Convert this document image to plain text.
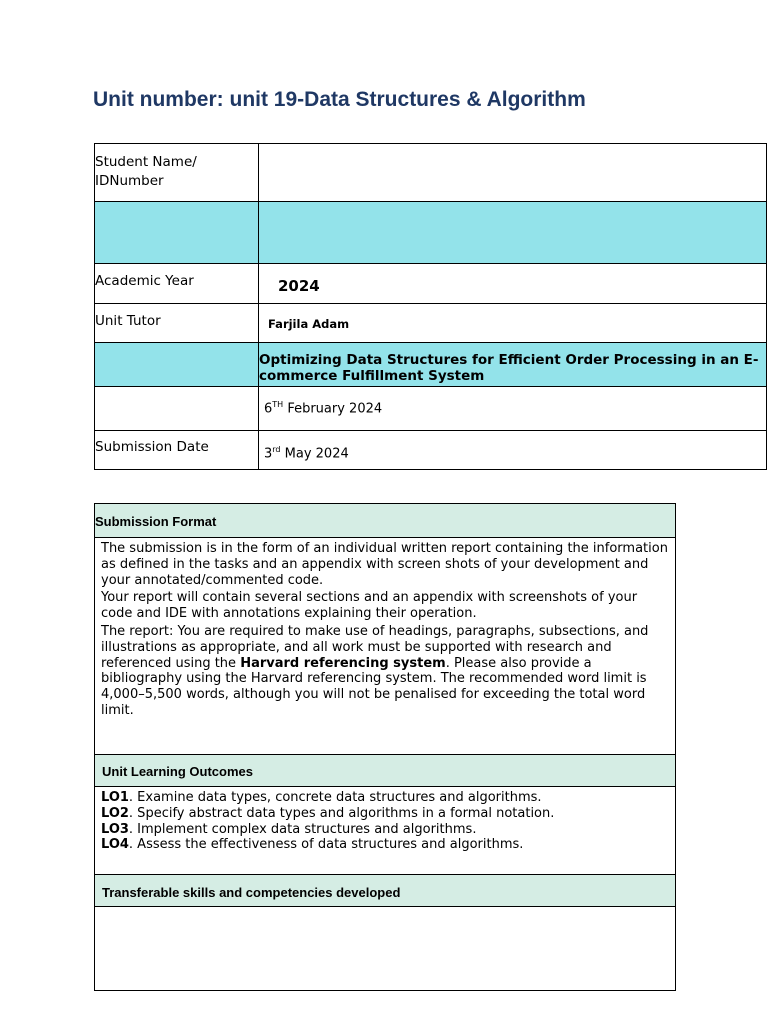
Unit number: unit 19-Data Structures & Algorithm
Student Name/ IDNumber	

Academic Year	2024

Unit Tutor	Farjila Adam

	Optimizing Data Structures for Efficient Order Processing in an E-commerce Fulfillment System

	6TH February 2024

Submission Date	3rd May 2024
Submission Format

The submission is in the form of an individual written report containing the information as defined in the tasks and an appendix with screen shots of your development and your annotated/commented code.

Your report will contain several sections and an appendix with screenshots of your code and IDE with annotations explaining their operation.

The report: You are required to make use of headings, paragraphs, subsections, and illustrations as appropriate, and all work must be supported with research and referenced using the Harvard referencing system. Please also provide a bibliography using the Harvard referencing system. The recommended word limit is 4,000–5,500 words, although you will not be penalised for exceeding the total word limit.

Unit Learning Outcomes

LO1. Examine data types, concrete data structures and algorithms.
LO2. Specify abstract data types and algorithms in a formal notation.
LO3. Implement complex data structures and algorithms.
LO4. Assess the effectiveness of data structures and algorithms.

Transferable skills and competencies developed
